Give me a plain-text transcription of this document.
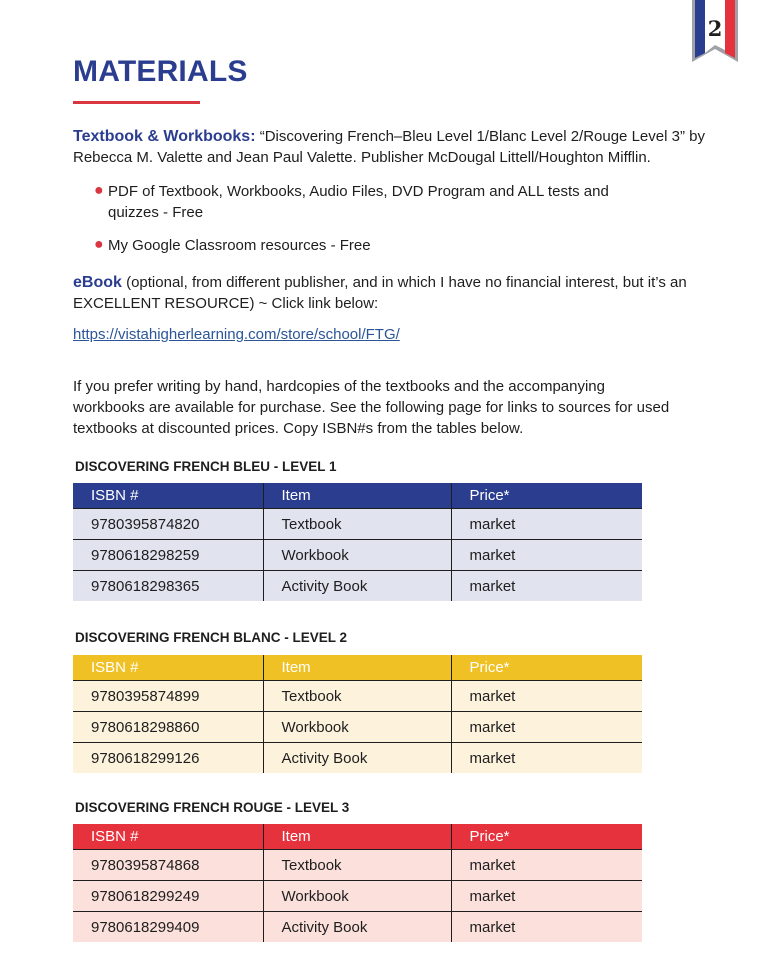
2
MATERIALS

Textbook & Workbooks: “Discovering French–Bleu Level 1/Blanc Level 2/Rouge Level 3” by Rebecca M. Valette and Jean Paul Valette. Publisher McDougal Littell/Houghton Mifflin.

● PDF of Textbook, Workbooks, Audio Files, DVD Program and ALL tests and quizzes - Free
● My Google Classroom resources - Free

eBook (optional, from different publisher, and in which I have no financial interest, but it’s an EXCELLENT RESOURCE) ~ Click link below:

https://vistahigherlearning.com/store/school/FTG/

If you prefer writing by hand, hardcopies of the textbooks and the accompanying workbooks are available for purchase. See the following page for links to sources for used textbooks at discounted prices. Copy ISBN#s from the tables below.

DISCOVERING FRENCH BLEU - LEVEL 1
ISBN #	Item	Price*
9780395874820	Textbook	market
9780618298259	Workbook	market
9780618298365	Activity Book	market
DISCOVERING FRENCH BLANC - LEVEL 2
ISBN #	Item	Price*
9780395874899	Textbook	market
9780618298860	Workbook	market
9780618299126	Activity Book	market
DISCOVERING FRENCH ROUGE - LEVEL 3
ISBN #	Item	Price*
9780395874868	Textbook	market
9780618299249	Workbook	market
9780618299409	Activity Book	market
